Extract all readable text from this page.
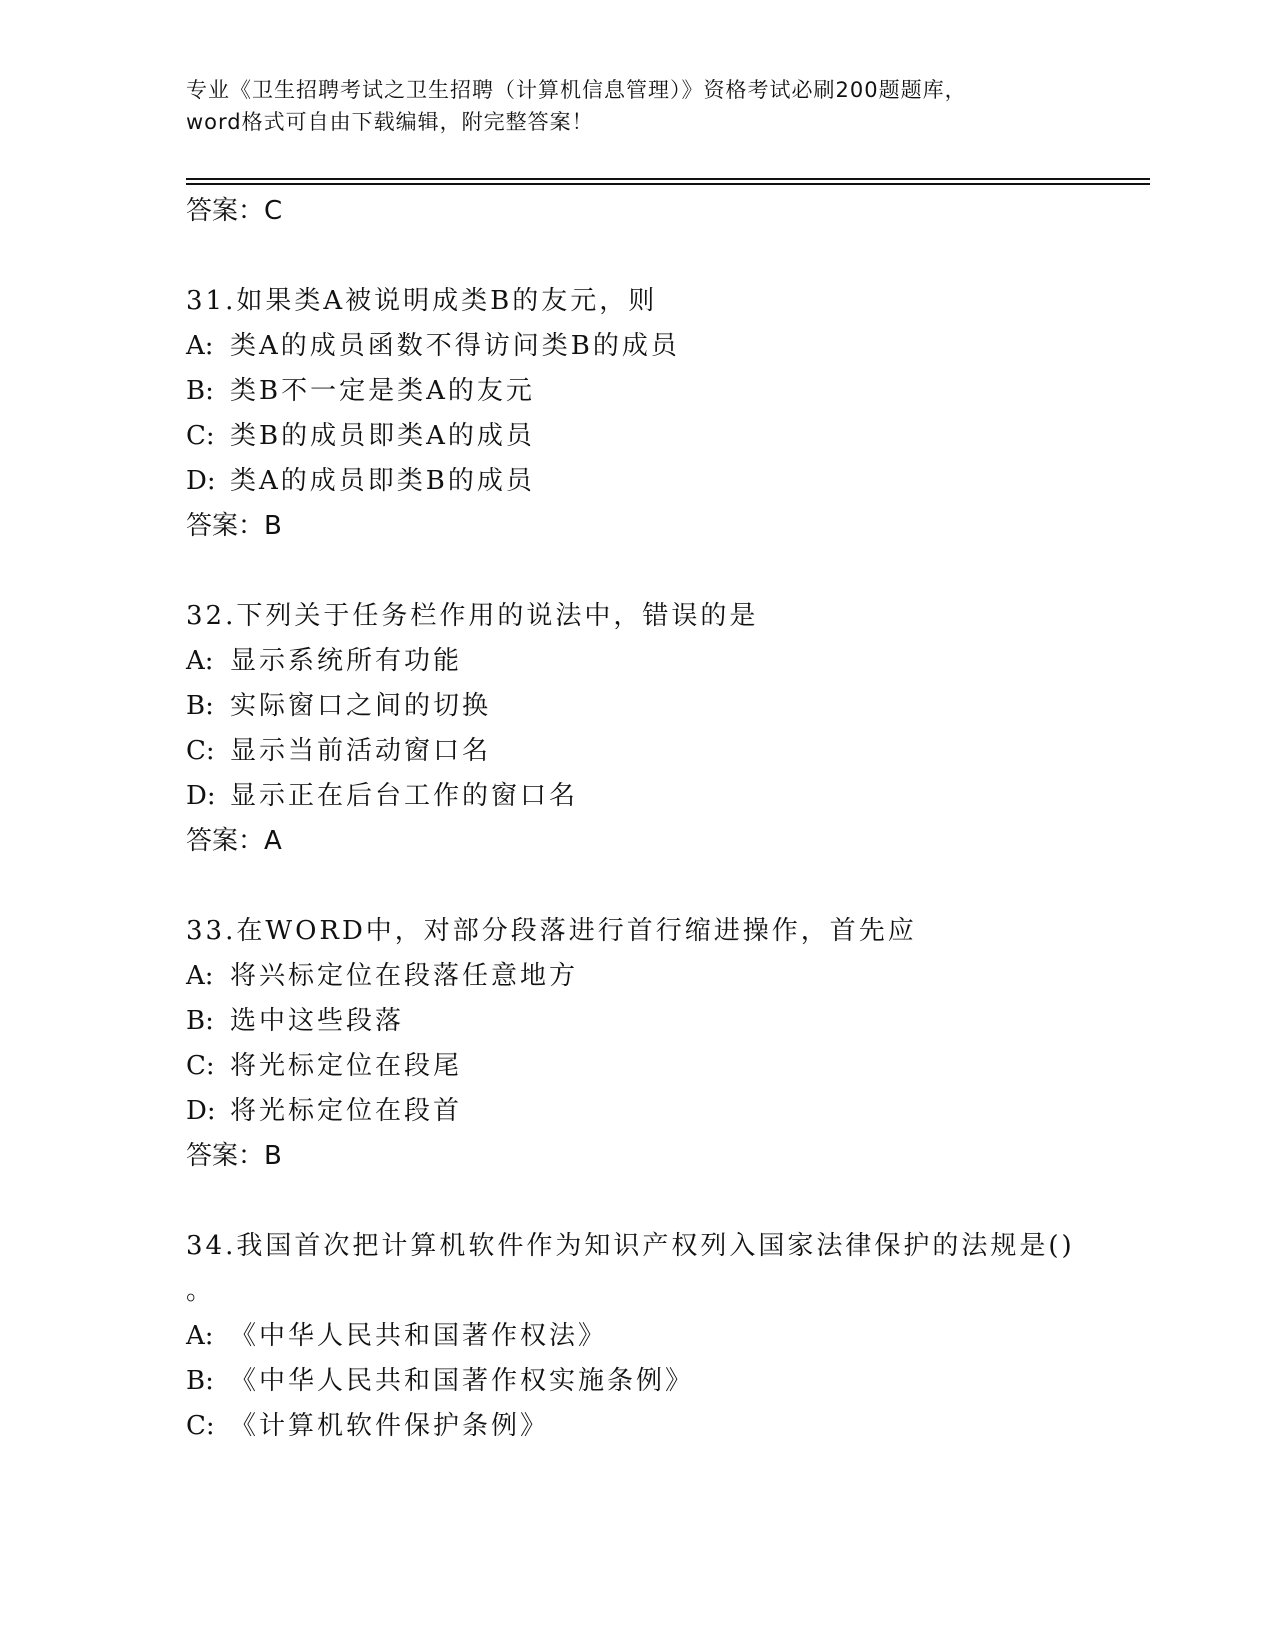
专业《卫生招聘考试之卫生招聘（计算机信息管理）》资格考试必刷200题题库，
word格式可自由下载编辑，附完整答案！
答案：C
31.如果类A被说明成类B的友元，则
A: 类A的成员函数不得访问类B的成员
B: 类B不一定是类A的友元
C: 类B的成员即类A的成员
D: 类A的成员即类B的成员
答案：B
32.下列关于任务栏作用的说法中，错误的是
A: 显示系统所有功能
B: 实际窗口之间的切换
C: 显示当前活动窗口名
D: 显示正在后台工作的窗口名
答案：A
33.在WORD中，对部分段落进行首行缩进操作，首先应
A: 将兴标定位在段落任意地方
B: 选中这些段落
C: 将光标定位在段尾
D: 将光标定位在段首
答案：B
34.我国首次把计算机软件作为知识产权列入国家法律保护的法规是()
。
A: 《中华人民共和国著作权法》
B: 《中华人民共和国著作权实施条例》
C: 《计算机软件保护条例》
